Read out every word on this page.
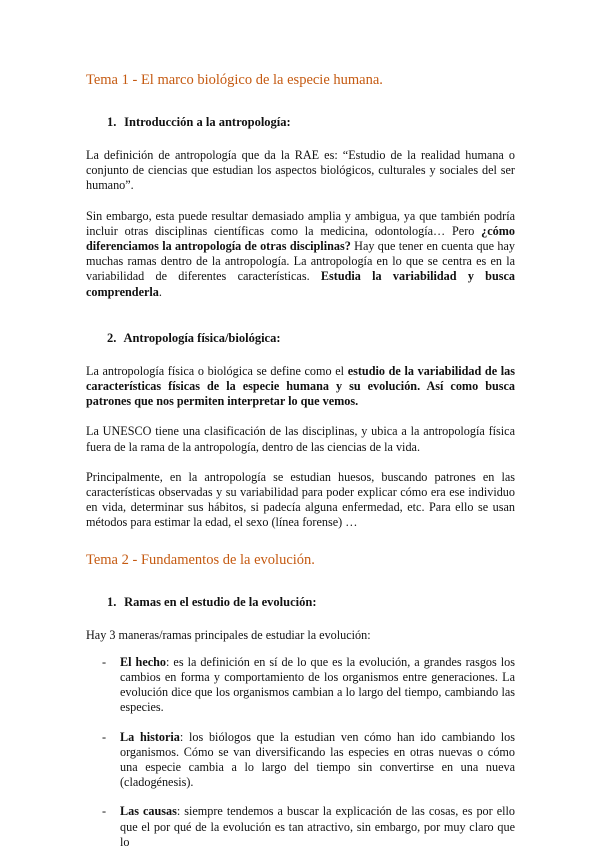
Tema 1 - El marco biológico de la especie humana.
1. Introducción a la antropología:

La definición de antropología que da la RAE es: “Estudio de la realidad humana o conjunto de ciencias que estudian los aspectos biológicos, culturales y sociales del ser humano”.

Sin embargo, esta puede resultar demasiado amplia y ambigua, ya que también podría incluir otras disciplinas científicas como la medicina, odontología… Pero ¿cómo diferenciamos la antropología de otras disciplinas? Hay que tener en cuenta que hay muchas ramas dentro de la antropología. La antropología en lo que se centra es en la variabilidad de diferentes características. Estudia la variabilidad y busca comprenderla.

2. Antropología física/biológica:

La antropología física o biológica se define como el estudio de la variabilidad de las características físicas de la especie humana y su evolución. Así como busca patrones que nos permiten interpretar lo que vemos.

La UNESCO tiene una clasificación de las disciplinas, y ubica a la antropología física fuera de la rama de la antropología, dentro de las ciencias de la vida.

Principalmente, en la antropología se estudian huesos, buscando patrones en las características observadas y su variabilidad para poder explicar cómo era ese individuo en vida, determinar sus hábitos, si padecía alguna enfermedad, etc. Para ello se usan métodos para estimar la edad, el sexo (línea forense) …

Tema 2 - Fundamentos de la evolución.
1. Ramas en el estudio de la evolución:

Hay 3 maneras/ramas principales de estudiar la evolución:

- El hecho: es la definición en sí de lo que es la evolución, a grandes rasgos los cambios en forma y comportamiento de los organismos entre generaciones. La evolución dice que los organismos cambian a lo largo del tiempo, cambiando las especies.
- La historia: los biólogos que la estudian ven cómo han ido cambiando los organismos. Cómo se van diversificando las especies en otras nuevas o cómo una especie cambia a lo largo del tiempo sin convertirse en una nueva (cladogénesis).
- Las causas: siempre tendemos a buscar la explicación de las cosas, es por ello que el por qué de la evolución es tan atractivo, sin embargo, por muy claro que lo
